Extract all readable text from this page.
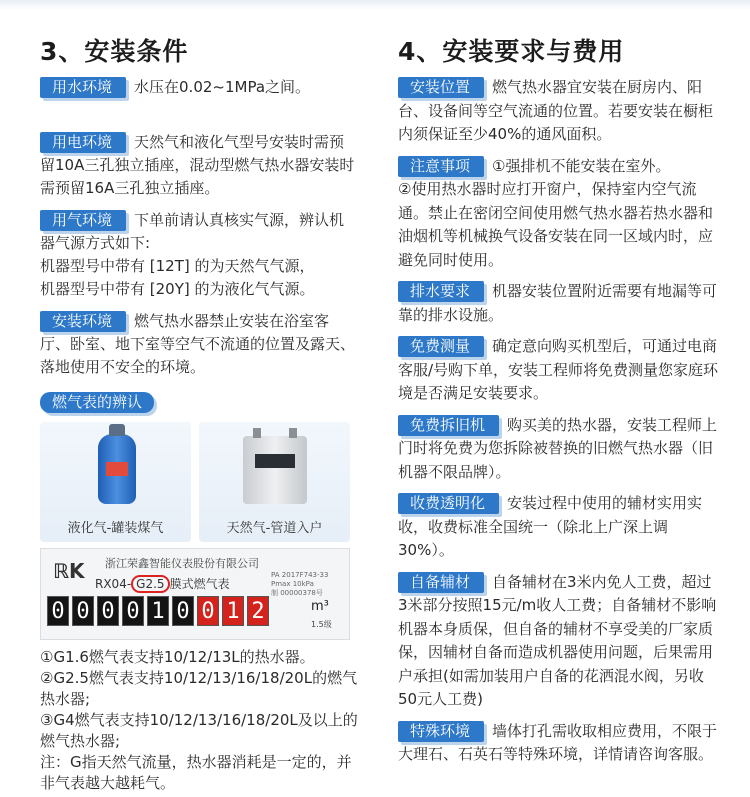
3、安装条件
用水环境 水压在0.02~1MPa之间。
用电环境 天然气和液化气型号安装时需预留10A三孔独立插座，混动型燃气热水器安装时需预留16A三孔独立插座。
用气环境 下单前请认真核实气源，辨认机器气源方式如下:
机器型号中带有 [12T] 的为天然气气源，
机器型号中带有 [20Y] 的为液化气气源。
安装环境 燃气热水器禁止安装在浴室客厅、卧室、地下室等空气不流通的位置及露天、落地使用不安全的环境。
燃气表的辨认
液化气-罐装煤气	天然气-管道入户
ℝK 浙江荣鑫智能仪表股份有限公司
RX04- G2.5 膜式燃气表
PA 2017F743-33
Pmax 10kPa
制 00000378号
0 0 0 0 1 0 0 1 2	m³
1.5级
①G1.6燃气表支持10/12/13L的热水器。
②G2.5燃气表支持10/12/13/16/18/20L的燃气热水器;
③G4燃气表支持10/12/13/16/18/20L及以上的燃气热水器;
注：G指天然气流量，热水器消耗是一定的，并非气表越大越耗气。
4、安装要求与费用
安装位置 燃气热水器宜安装在厨房内、阳台、设备间等空气流通的位置。若要安装在橱柜内须保证至少40%的通风面积。
注意事项 ①强排机不能安装在室外。
②使用热水器时应打开窗户，保持室内空气流通。禁止在密闭空间使用燃气热水器若热水器和油烟机等机械换气设备安装在同一区域内时，应避免同时使用。
排水要求 机器安装位置附近需要有地漏等可靠的排水设施。
免费测量 确定意向购买机型后，可通过电商客服/号购下单，安装工程师将免费测量您家庭环境是否满足安装要求。
免费拆旧机 购买美的热水器，安装工程师上门时将免费为您拆除被替换的旧燃气热水器（旧机器不限品牌）。
收费透明化 安装过程中使用的辅材实用实收，收费标准全国统一（除北上广深上调30%）。
自备辅材 自备辅材在3米内免人工费，超过3米部分按照15元/m收人工费；自备辅材不影响机器本身质保，但自备的辅材不享受美的厂家质保，因辅材自备而造成机器使用问题，后果需用户承担(如需加装用户自备的花洒混水阀，另收50元人工费)
特殊环境 墙体打孔需收取相应费用，不限于大理石、石英石等特殊环境，详情请咨询客服。
